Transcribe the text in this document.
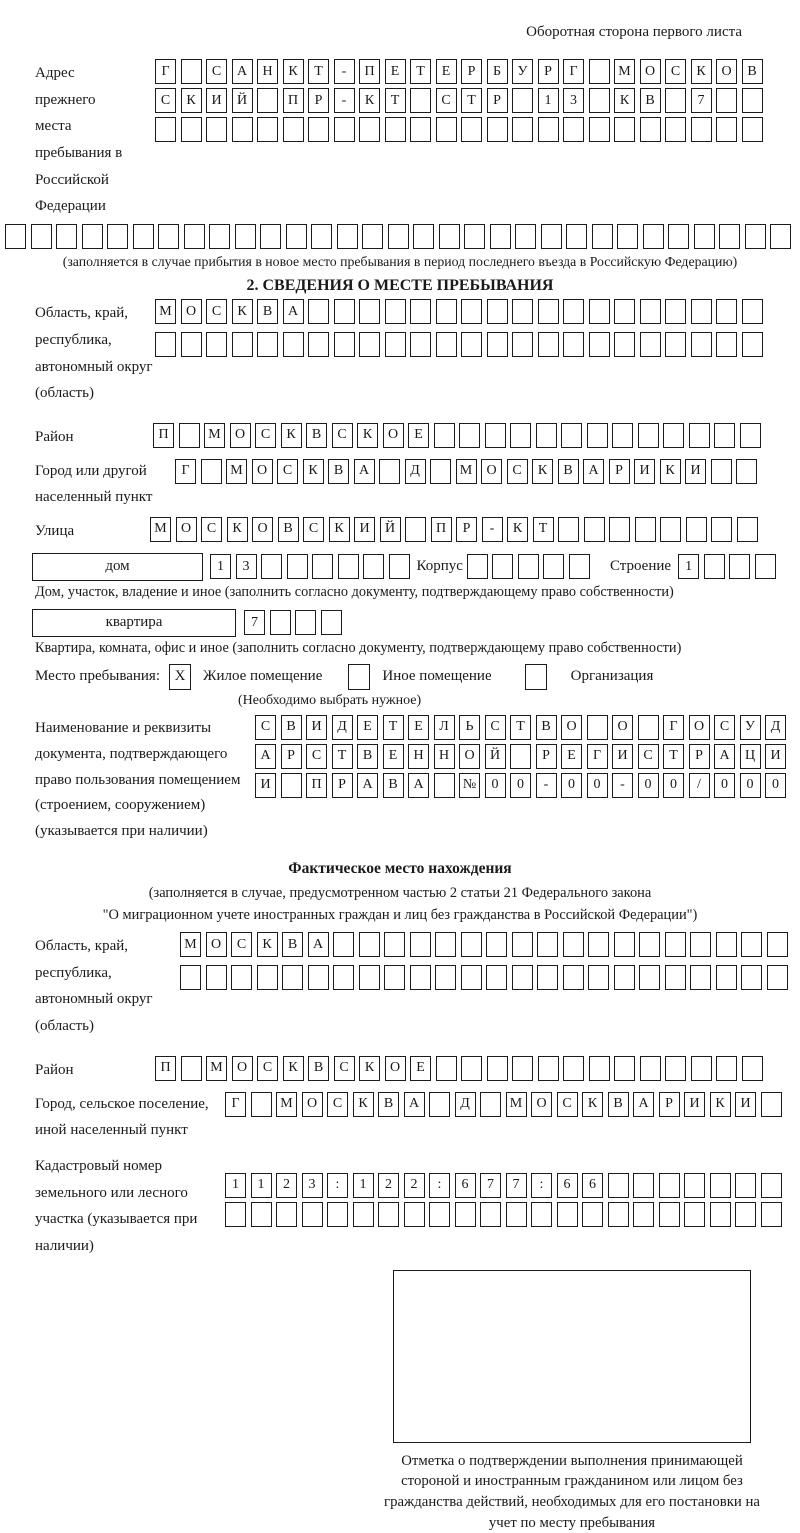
Оборотная сторона первого листа
Адрес прежнего места пребывания в Российской Федерации
Г	С	А	Н	К	Т	-	П	Е	Т	Е	Р	Б	У	Р	Г	М	О	С	К	О	В
С	К	И	Й	П	Р	-	К	Т	С	Т	Р	1	3	К	В	7
(заполняется в случае прибытия в новое место пребывания в период последнего въезда в Российскую Федерацию)
2. СВЕДЕНИЯ О МЕСТЕ ПРЕБЫВАНИЯ
Область, край, республика, автономный округ (область)
М	О	С	К	В	А
Район	П	М	О	С	К	В	С	К	О	Е
Город или другой населенный пункт
Г	М	О	С	К	В	А	Д	М	О	С	К	В	А	Р	И	К	И
Улица	М	О	С	К	О	В	С	К	И	Й	П	Р	-	К	Т
дом	1	3	Корпус	Строение	1
Дом, участок, владение и иное (заполнить согласно документу, подтверждающему право собственности)
квартира	7
Квартира, комната, офис и иное (заполнить согласно документу, подтверждающему право собственности)
Место пребывания: X	Жилое помещение	Иное помещение	Организация
(Необходимо выбрать нужное)
Наименование и реквизиты документа, подтверждающего право пользования помещением (строением, сооружением) (указывается при наличии)
С	В	И	Д	Е	Т	Е	Л	Ь	С	Т	В	О	О	Г	О	С	У	Д
А	Р	С	Т	В	Е	Н	Н	О	Й	Р	Е	Г	И	С	Т	Р	А	Ц	И
И	П	Р	А	В	А	№	0	0	-	0	0	-	0	0	/	0	0	0
Фактическое место нахождения
(заполняется в случае, предусмотренном частью 2 статьи 21 Федерального закона
"О миграционном учете иностранных граждан и лиц без гражданства в Российской Федерации")
Область, край, республика, автономный округ (область)
М	О	С	К	В	А
Район	П	М	О	С	К	В	С	К	О	Е
Город, сельское поселение, иной населенный пункт
Г	М	О	С	К	В	А	Д	М	О	С	К	В	А	Р	И	К	И
Кадастровый номер земельного или лесного участка (указывается при наличии)
1	1	2	3	:	1	2	2	:	6	7	7	:	6	6
Отметка о подтверждении выполнения принимающей стороной и иностранным гражданином или лицом без гражданства действий, необходимых для его постановки на учет по месту пребывания
